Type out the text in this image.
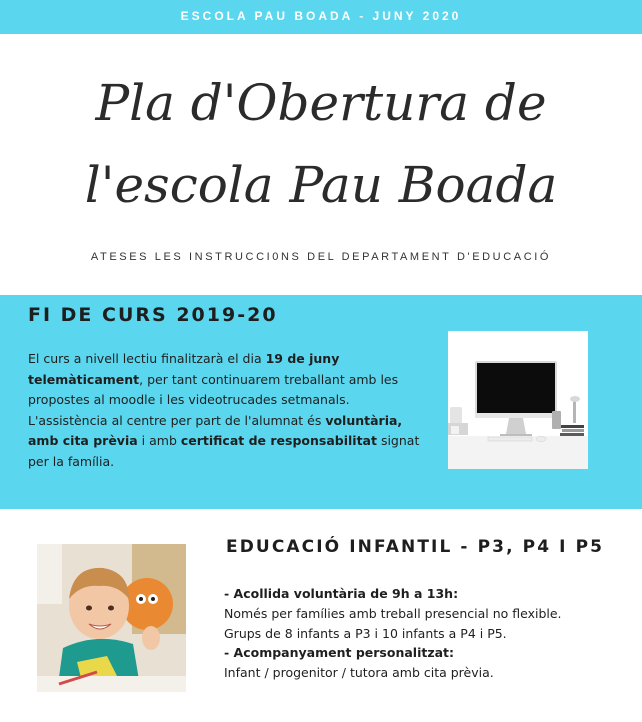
ESCOLA PAU BOADA - JUNY 2020
Pla d'Obertura de
l'escola Pau Boada
ATESES LES INSTRUCCI0NS DEL DEPARTAMENT D'EDUCACIÓ
FI DE CURS 2019-20
El curs a nivell lectiu finalitzarà el dia 19 de juny telemàticament, per tant continuarem treballant amb les propostes al moodle i les videotrucades setmanals. L'assistència al centre per part de l'alumnat és voluntària, amb cita prèvia i amb certificat de responsabilitat signat per la família.
EDUCACIÓ INFANTIL - P3, P4 I P5
- Acollida voluntària de 9h a 13h:
Només per famílies amb treball presencial no flexible.
Grups de 8 infants a P3 i 10 infants a P4 i P5.
- Acompanyament personalitzat:
Infant / progenitor / tutora amb cita prèvia.
